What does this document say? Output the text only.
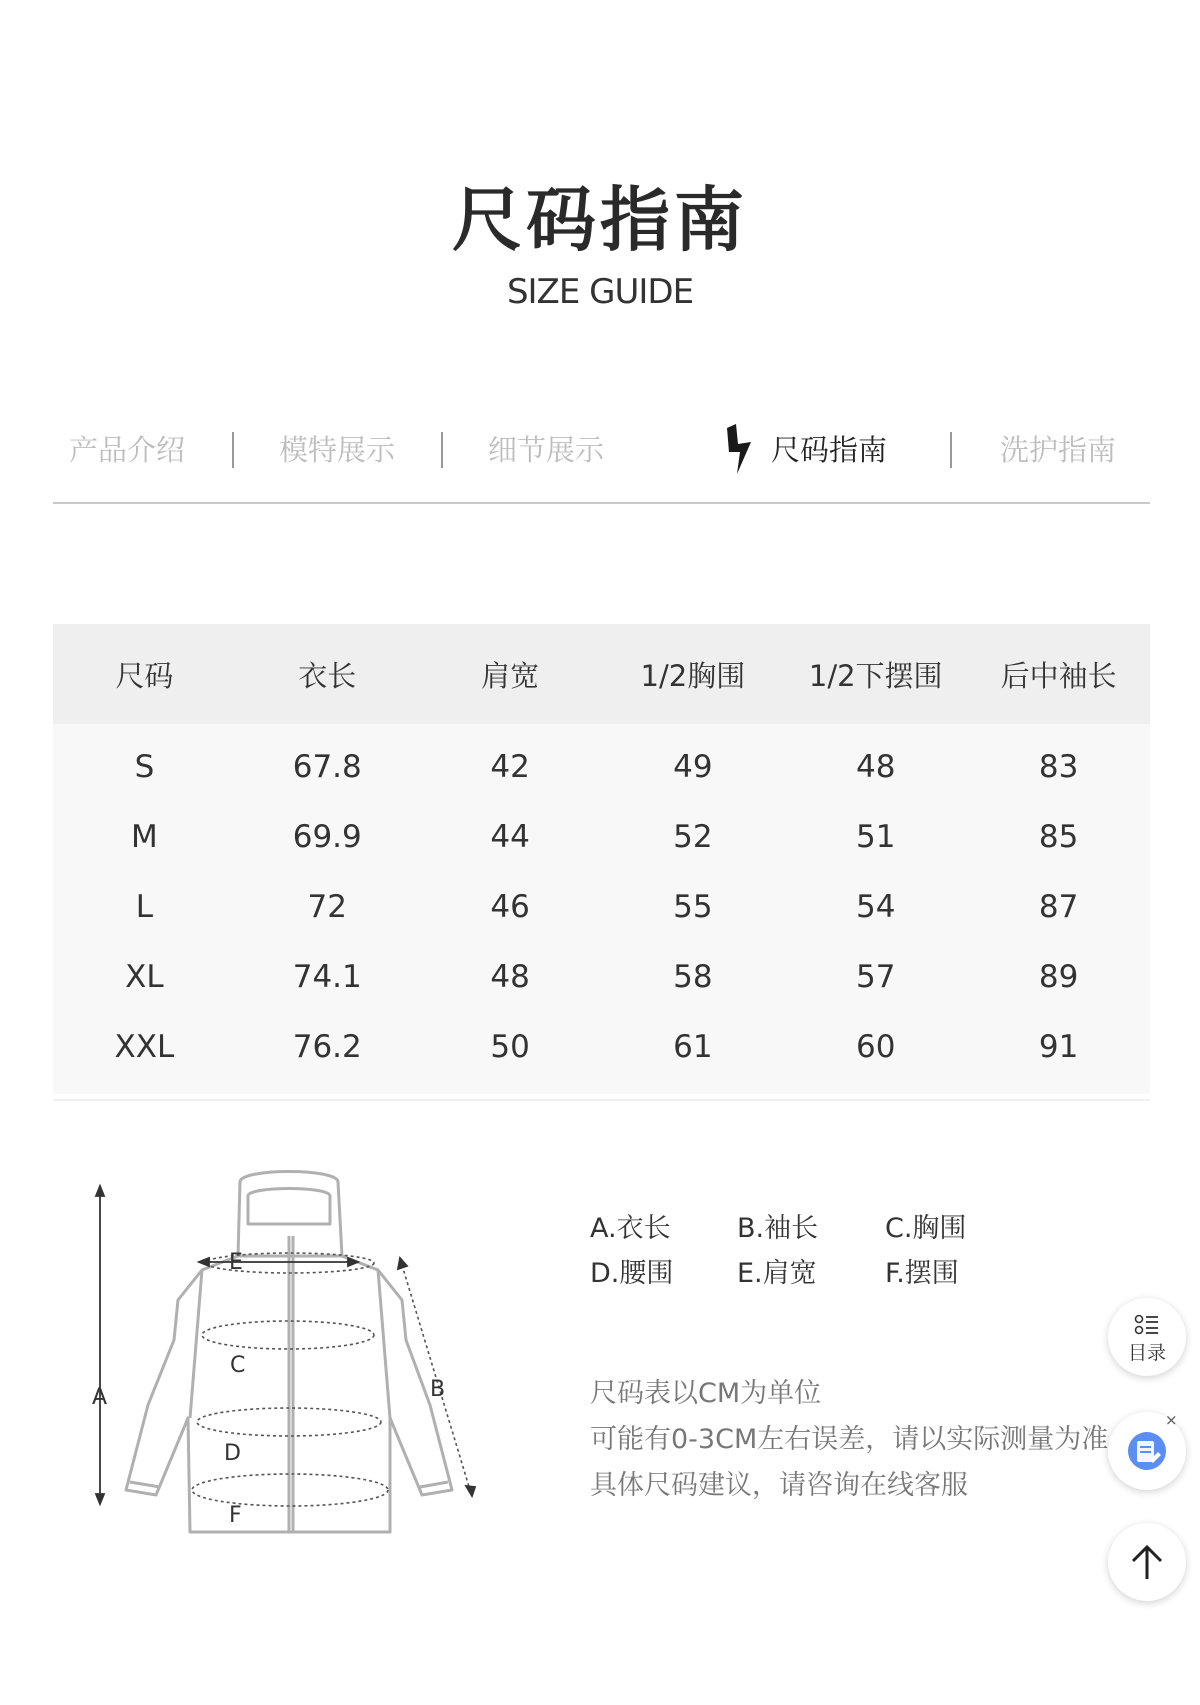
尺码指南
SIZE GUIDE
产品介绍	模特展示	细节展示	尺码指南	洗护指南
尺码	衣长	肩宽	1/2胸围	1/2下摆围	后中袖长
S	67.8	42	49	48	83
M	69.9	44	52	51	85
L	72	46	55	54	87
XL	74.1	48	58	57	89
XXL	76.2	50	61	60	91
A	B
C
D
E
F
A.衣长 B.袖长 C.胸围
D.腰围 E.肩宽	F.摆围
尺码表以CM为单位
可能有0-3CM左右误差，请以实际测量为准
具体尺码建议，请咨询在线客服
目录
×
